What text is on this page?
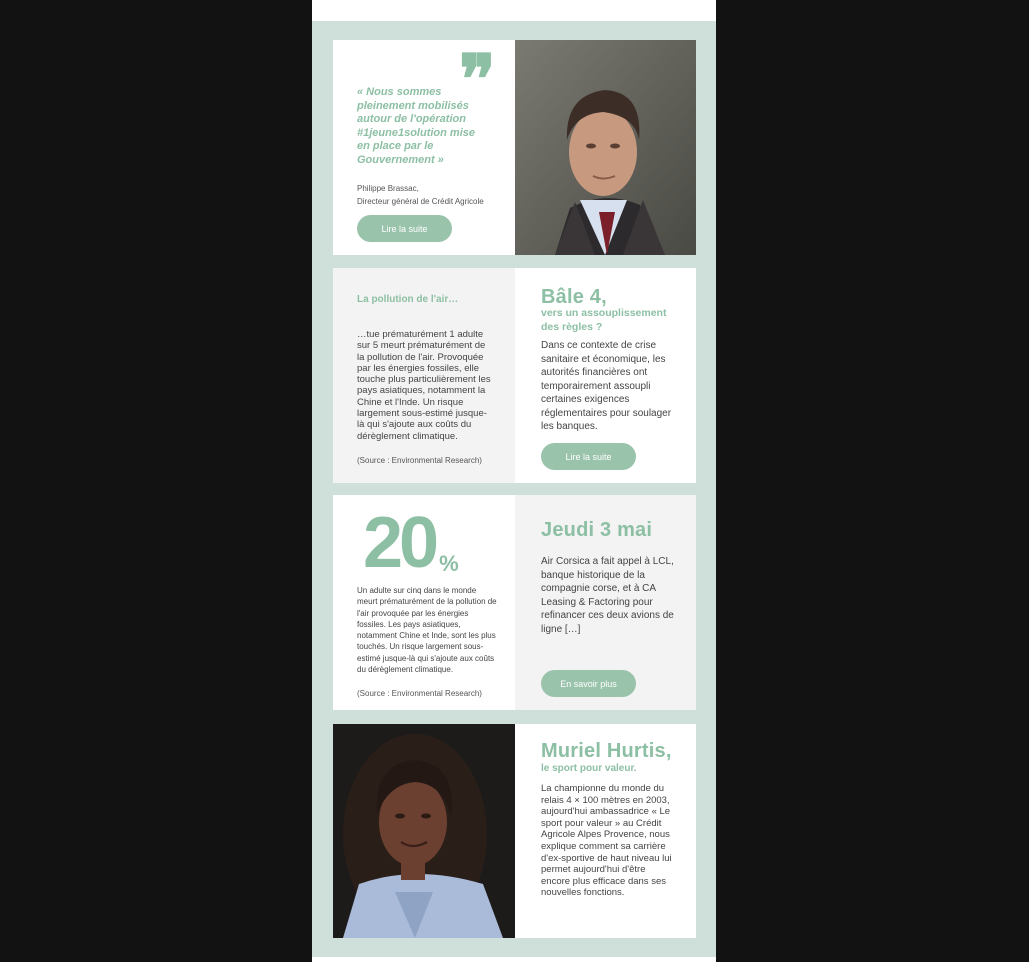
❞
« Nous sommes pleinement mobilisés autour de l'opération #1jeune1solution mise en place par le Gouvernement »
Philippe Brassac,
Directeur général de Crédit Agricole
Lire la suite
La pollution de l'air…
…tue prématurément 1 adulte sur 5 meurt prématurément de la pollution de l'air. Provoquée par les énergies fossiles, elle touche plus particulièrement les pays asiatiques, notamment la Chine et l'Inde. Un risque largement sous-estimé jusque-là qui s'ajoute aux coûts du dérèglement climatique.
(Source : Environmental Research)
Bâle 4,
vers un assouplissement des règles ?
Dans ce contexte de crise sanitaire et économique, les autorités financières ont temporairement assoupli certaines exigences réglementaires pour soulager les banques.
Lire la suite
20 %
Un adulte sur cinq dans le monde meurt prématurément de la pollution de l'air provoquée par les énergies fossiles. Les pays asiatiques, notamment Chine et Inde, sont les plus touchés. Un risque largement sous-estimé jusque-là qui s'ajoute aux coûts du dérèglement climatique.
(Source : Environmental Research)
Jeudi 3 mai
Air Corsica a fait appel à LCL, banque historique de la compagnie corse, et à CA Leasing & Factoring pour refinancer ces deux avions de ligne […]
En savoir plus
Muriel Hurtis,
le sport pour valeur.
La championne du monde du relais 4 × 100 mètres en 2003, aujourd'hui ambassadrice « Le sport pour valeur » au Crédit Agricole Alpes Provence, nous explique comment sa carrière d'ex-sportive de haut niveau lui permet aujourd'hui d'être encore plus efficace dans ses nouvelles fonctions.
